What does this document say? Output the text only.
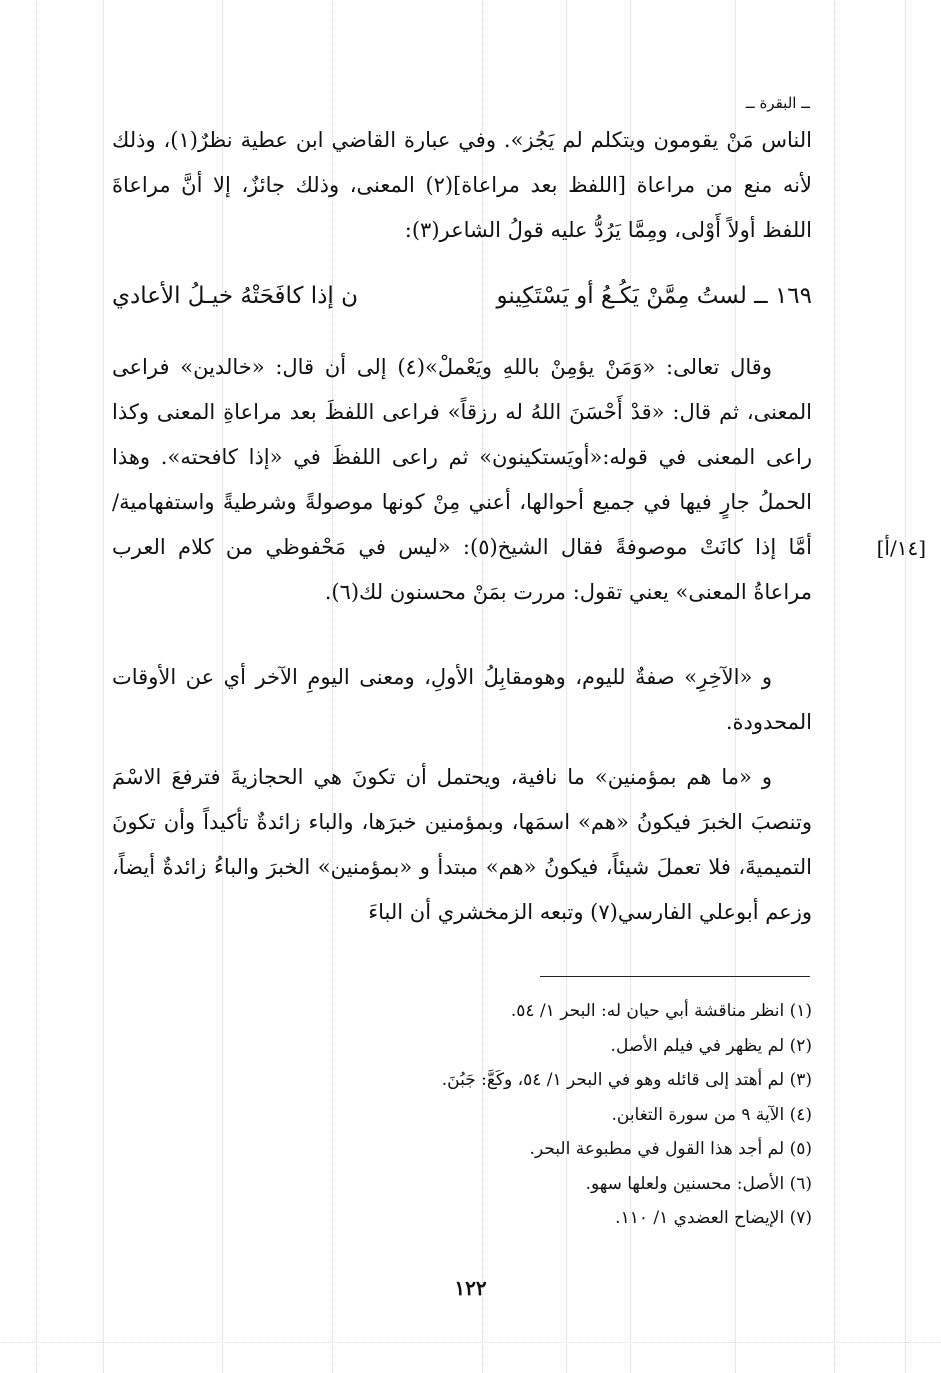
ــ البقرة ــ

الناس مَنْ يقومون ويتكلم لم يَجُز». وفي عبارة القاضي ابن عطية نظرٌ(١)، وذلك لأنه منع من مراعاة [اللفظ بعد مراعاة](٢) المعنى، وذلك جائزٌ، إلا أنَّ مراعاةَ اللفظ أولاً أَوْلى، ومِمَّا يَرُدُّ عليه قولُ الشاعر(٣):

١٦٩ ــ لستُ مِمَّنْ يَكُـعُ أو يَسْتَكِينو
ن إذا كافَحَتْهُ خيـلُ الأعادي

وقال تعالى: «وَمَنْ يؤمِنْ باللهِ ويَعْملْ»(٤) إلى أن قال: «خالدين» فراعى المعنى، ثم قال: «قدْ أَحْسَنَ اللهُ له رزقاً» فراعى اللفظَ بعد مراعاةِ المعنى وكذا راعى المعنى في قوله:«أويَستكينون» ثم راعى اللفظَ في «إذا كافحته». وهذا الحملُ جارٍ فيها في جميع أحوالها، أعني مِنْ كونها موصولةً وشرطيةً واستفهامية/ أمَّا إذا كانَتْ موصوفةً فقال الشيخ(٥): «ليس في مَحْفوظي من كلام العرب مراعاةُ المعنى» يعني تقول: مررت بمَنْ محسنون لك(٦).

[١٤/أ]

و «الآخِرِ» صفةٌ لليوم، وهومقابِلُ الأولِ، ومعنى اليومِ الآخر أي عن الأوقات المحدودة.

و «ما هم بمؤمنين» ما نافية، ويحتمل أن تكونَ هي الحجازيةَ فترفعَ الاسْمَ وتنصبَ الخبرَ فيكونُ «هم» اسمَها، وبمؤمنين خبرَها، والباء زائدةٌ تأكيداً وأن تكونَ التميميةَ، فلا تعملَ شيئاً، فيكونُ «هم» مبتدأ و «بمؤمنين» الخبرَ والباءُ زائدةٌ أيضاً، وزعم أبوعلي الفارسي(٧) وتبعه الزمخشري أن الباءَ

(١) انظر مناقشة أبي حيان له: البحر ١/ ٥٤.
(٢) لم يظهر في فيلم الأصل.
(٣) لم أهتد إلى قائله وهو في البحر ١/ ٥٤، وكَعَّ: جَبُنَ.
(٤) الآية ٩ من سورة التغابن.
(٥) لم أجد هذا القول في مطبوعة البحر.
(٦) الأصل: محسنين ولعلها سهو.
(٧) الإيضاح العضدي ١/ ١١٠.
١٢٢
